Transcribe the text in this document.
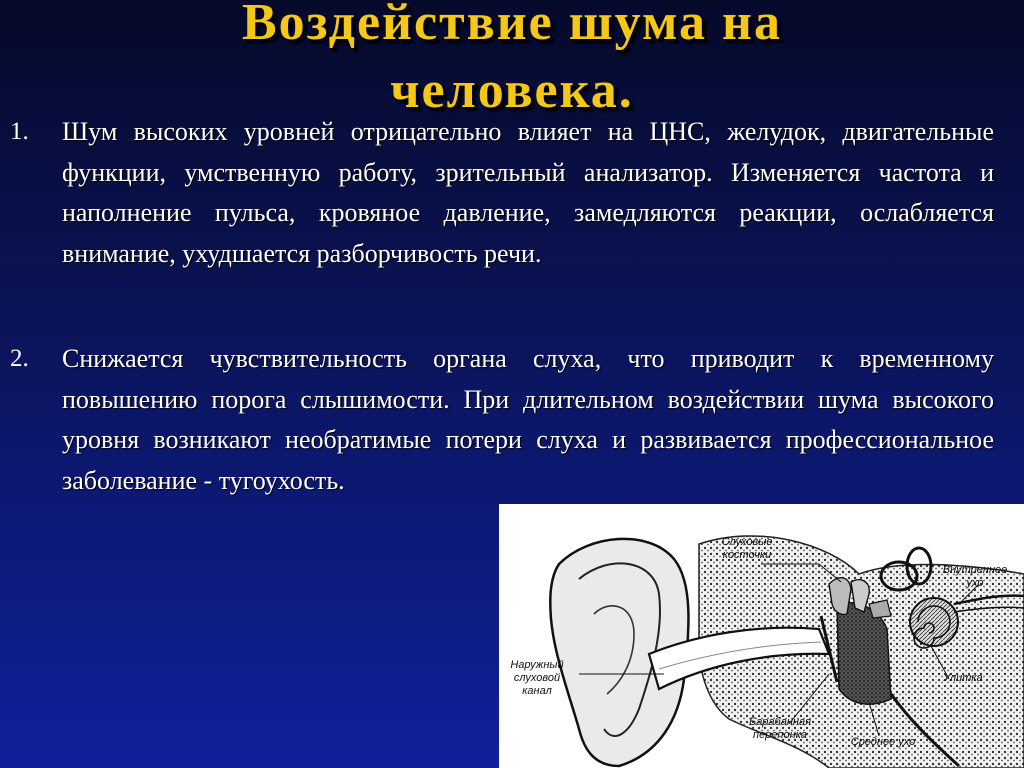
Воздействие шума на
человека.
1. Шум высоких уровней отрицательно влияет на ЦНС, желудок, двигательные функции, умственную работу, зрительный анализатор. Изменяется частота и наполнение пульса, кровяное давление, замедляются реакции, ослабляется внимание, ухудшается разборчивость речи.
2. Снижается чувствительность органа слуха, что приводит к временному повышению порога слышимости. При длительном воздействии шума высокого уровня возникают необратимые потери слуха и развивается профессиональное заболевание - тугоухость.
Слуховые
косточки
Внутреннее
ухо
Наружный
слуховой
канал
Улитка
Барабанная
перепонка
Среднее ухо
